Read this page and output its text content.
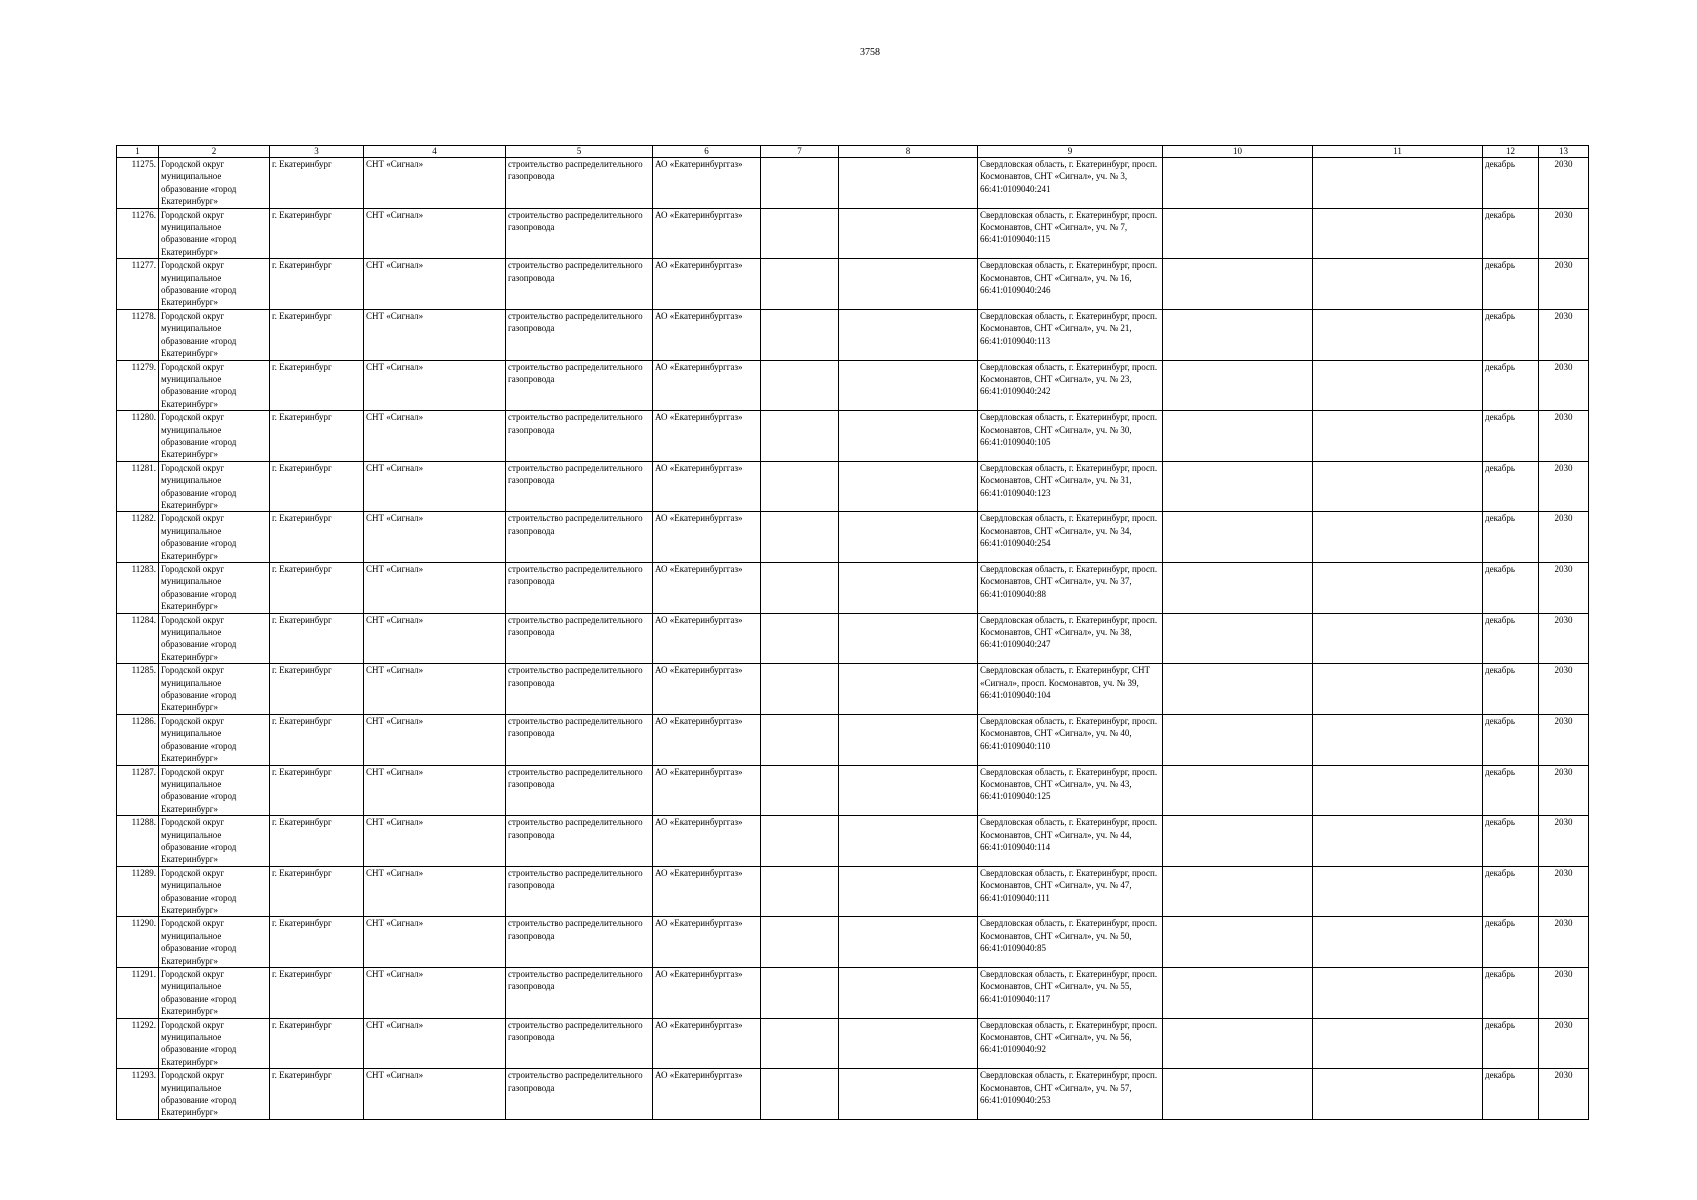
3758
1	2	3	4	5	6	7	8	9	10	11	12	13
11275.	Городской округ муниципальное образование «город Екатеринбург»	г. Екатеринбург	СНТ «Сигнал»	строительство распределительного газопровода	АО «Екатеринбурггаз»			Свердловская область, г. Екатеринбург, просп. Космонавтов, СНТ «Сигнал», уч. № 3, 66:41:0109040:241			декабрь	2030
11276.	Городской округ муниципальное образование «город Екатеринбург»	г. Екатеринбург	СНТ «Сигнал»	строительство распределительного газопровода	АО «Екатеринбурггаз»			Свердловская область, г. Екатеринбург, просп. Космонавтов, СНТ «Сигнал», уч. № 7, 66:41:0109040:115			декабрь	2030
11277.	Городской округ муниципальное образование «город Екатеринбург»	г. Екатеринбург	СНТ «Сигнал»	строительство распределительного газопровода	АО «Екатеринбурггаз»			Свердловская область, г. Екатеринбург, просп. Космонавтов, СНТ «Сигнал», уч. № 16, 66:41:0109040:246			декабрь	2030
11278.	Городской округ муниципальное образование «город Екатеринбург»	г. Екатеринбург	СНТ «Сигнал»	строительство распределительного газопровода	АО «Екатеринбурггаз»			Свердловская область, г. Екатеринбург, просп. Космонавтов, СНТ «Сигнал», уч. № 21, 66:41:0109040:113			декабрь	2030
11279.	Городской округ муниципальное образование «город Екатеринбург»	г. Екатеринбург	СНТ «Сигнал»	строительство распределительного газопровода	АО «Екатеринбурггаз»			Свердловская область, г. Екатеринбург, просп. Космонавтов, СНТ «Сигнал», уч. № 23, 66:41:0109040:242			декабрь	2030
11280.	Городской округ муниципальное образование «город Екатеринбург»	г. Екатеринбург	СНТ «Сигнал»	строительство распределительного газопровода	АО «Екатеринбурггаз»			Свердловская область, г. Екатеринбург, просп. Космонавтов, СНТ «Сигнал», уч. № 30, 66:41:0109040:105			декабрь	2030
11281.	Городской округ муниципальное образование «город Екатеринбург»	г. Екатеринбург	СНТ «Сигнал»	строительство распределительного газопровода	АО «Екатеринбурггаз»			Свердловская область, г. Екатеринбург, просп. Космонавтов, СНТ «Сигнал», уч. № 31, 66:41:0109040:123			декабрь	2030
11282.	Городской округ муниципальное образование «город Екатеринбург»	г. Екатеринбург	СНТ «Сигнал»	строительство распределительного газопровода	АО «Екатеринбурггаз»			Свердловская область, г. Екатеринбург, просп. Космонавтов, СНТ «Сигнал», уч. № 34, 66:41:0109040:254			декабрь	2030
11283.	Городской округ муниципальное образование «город Екатеринбург»	г. Екатеринбург	СНТ «Сигнал»	строительство распределительного газопровода	АО «Екатеринбурггаз»			Свердловская область, г. Екатеринбург, просп. Космонавтов, СНТ «Сигнал», уч. № 37, 66:41:0109040:88			декабрь	2030
11284.	Городской округ муниципальное образование «город Екатеринбург»	г. Екатеринбург	СНТ «Сигнал»	строительство распределительного газопровода	АО «Екатеринбурггаз»			Свердловская область, г. Екатеринбург, просп. Космонавтов, СНТ «Сигнал», уч. № 38, 66:41:0109040:247			декабрь	2030
11285.	Городской округ муниципальное образование «город Екатеринбург»	г. Екатеринбург	СНТ «Сигнал»	строительство распределительного газопровода	АО «Екатеринбурггаз»			Свердловская область, г. Екатеринбург, СНТ «Сигнал», просп. Космонавтов, уч. № 39, 66:41:0109040:104			декабрь	2030
11286.	Городской округ муниципальное образование «город Екатеринбург»	г. Екатеринбург	СНТ «Сигнал»	строительство распределительного газопровода	АО «Екатеринбурггаз»			Свердловская область, г. Екатеринбург, просп. Космонавтов, СНТ «Сигнал», уч. № 40, 66:41:0109040:110			декабрь	2030
11287.	Городской округ муниципальное образование «город Екатеринбург»	г. Екатеринбург	СНТ «Сигнал»	строительство распределительного газопровода	АО «Екатеринбурггаз»			Свердловская область, г. Екатеринбург, просп. Космонавтов, СНТ «Сигнал», уч. № 43, 66:41:0109040:125			декабрь	2030
11288.	Городской округ муниципальное образование «город Екатеринбург»	г. Екатеринбург	СНТ «Сигнал»	строительство распределительного газопровода	АО «Екатеринбурггаз»			Свердловская область, г. Екатеринбург, просп. Космонавтов, СНТ «Сигнал», уч. № 44, 66:41:0109040:114			декабрь	2030
11289.	Городской округ муниципальное образование «город Екатеринбург»	г. Екатеринбург	СНТ «Сигнал»	строительство распределительного газопровода	АО «Екатеринбурггаз»			Свердловская область, г. Екатеринбург, просп. Космонавтов, СНТ «Сигнал», уч. № 47, 66:41:0109040:111			декабрь	2030
11290.	Городской округ муниципальное образование «город Екатеринбург»	г. Екатеринбург	СНТ «Сигнал»	строительство распределительного газопровода	АО «Екатеринбурггаз»			Свердловская область, г. Екатеринбург, просп. Космонавтов, СНТ «Сигнал», уч. № 50, 66:41:0109040:85			декабрь	2030
11291.	Городской округ муниципальное образование «город Екатеринбург»	г. Екатеринбург	СНТ «Сигнал»	строительство распределительного газопровода	АО «Екатеринбурггаз»			Свердловская область, г. Екатеринбург, просп. Космонавтов, СНТ «Сигнал», уч. № 55, 66:41:0109040:117			декабрь	2030
11292.	Городской округ муниципальное образование «город Екатеринбург»	г. Екатеринбург	СНТ «Сигнал»	строительство распределительного газопровода	АО «Екатеринбурггаз»			Свердловская область, г. Екатеринбург, просп. Космонавтов, СНТ «Сигнал», уч. № 56, 66:41:0109040:92			декабрь	2030
11293.	Городской округ муниципальное образование «город Екатеринбург»	г. Екатеринбург	СНТ «Сигнал»	строительство распределительного газопровода	АО «Екатеринбурггаз»			Свердловская область, г. Екатеринбург, просп. Космонавтов, СНТ «Сигнал», уч. № 57, 66:41:0109040:253			декабрь	2030
